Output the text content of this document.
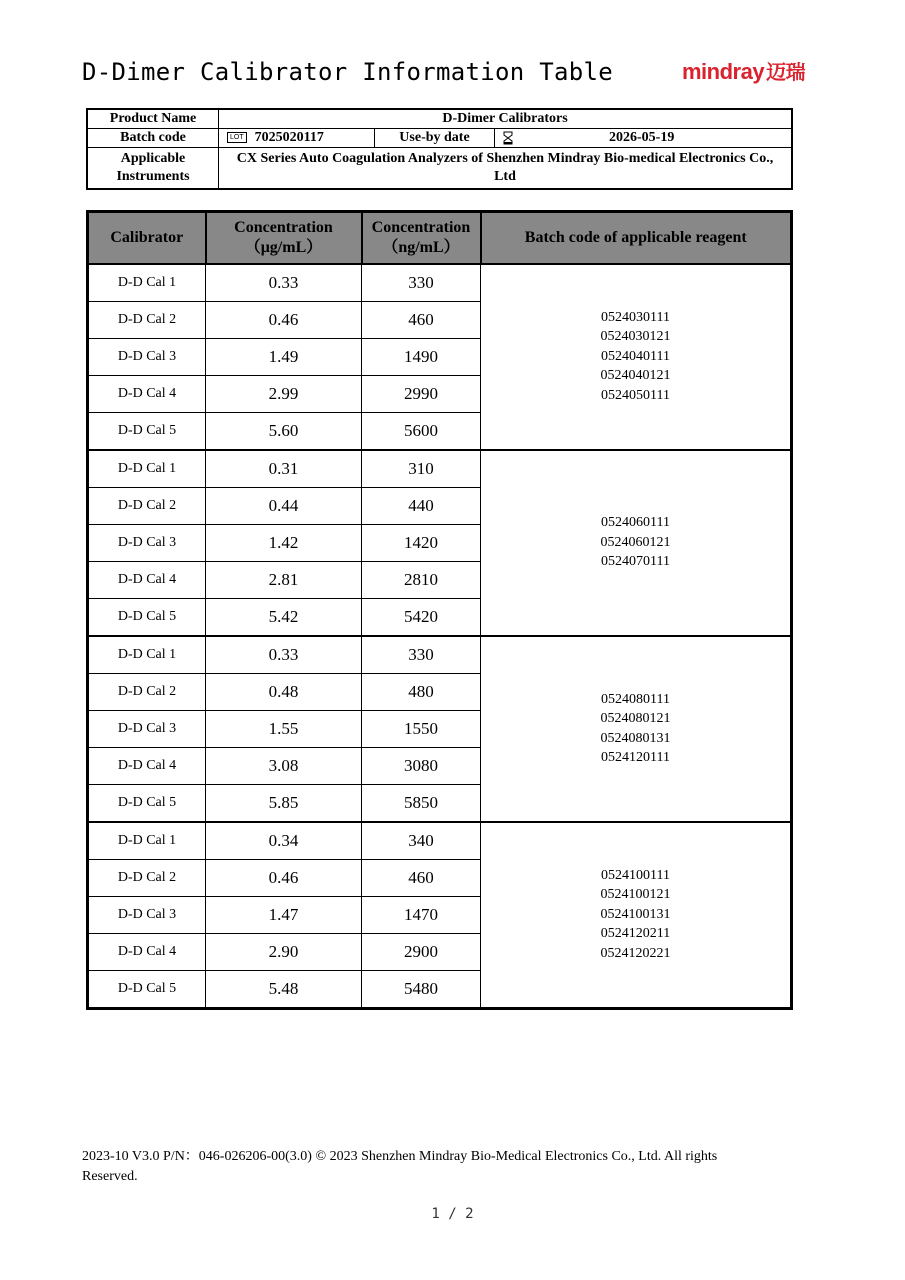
D-Dimer Calibrator Information Table	mindray 迈瑞
Product Name	D-Dimer Calibrators		
Batch code	LOT 7025020117	Use-by date	2026-05-19
Applicable Instruments	CX Series Auto Coagulation Analyzers of Shenzhen Mindray Bio-medical Electronics Co., Ltd		
Calibrator	Concentration（μg/mL）	Concentration（ng/mL）	Batch code of applicable reagent
D-D Cal 1	0.33	330	0524030111
0524030121
0524040111
0524040121
0524050111

D-D Cal 2	0.46	460	
D-D Cal 3	1.49	1490	
D-D Cal 4	2.99	2990	
D-D Cal 5	5.60	5600	
D-D Cal 1	0.31	310	0524060111
0524060121
0524070111

D-D Cal 2	0.44	440	
D-D Cal 3	1.42	1420	
D-D Cal 4	2.81	2810	
D-D Cal 5	5.42	5420	
D-D Cal 1	0.33	330	0524080111
0524080121
0524080131
0524120111

D-D Cal 2	0.48	480	
D-D Cal 3	1.55	1550	
D-D Cal 4	3.08	3080	
D-D Cal 5	5.85	5850	
D-D Cal 1	0.34	340	0524100111
0524100121
0524100131
0524120211
0524120221

D-D Cal 2	0.46	460	
D-D Cal 3	1.47	1470	
D-D Cal 4	2.90	2900	
D-D Cal 5	5.48	5480	
2023-10 V3.0 P/N：046-026206-00(3.0) © 2023 Shenzhen Mindray Bio-Medical Electronics Co., Ltd. All rights
Reserved.
1 / 2
